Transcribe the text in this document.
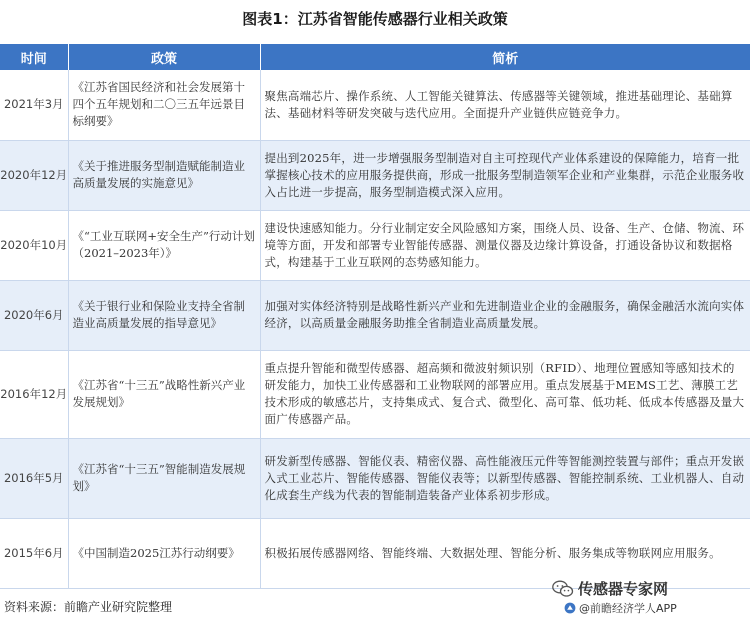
图表1：江苏省智能传感器行业相关政策
时间	政策	简析
2021年3月	《江苏省国民经济和社会发展第十四个五年规划和二〇三五年远景目标纲要》	聚焦高端芯片、操作系统、人工智能关键算法、传感器等关键领域，推进基础理论、基础算法、基础材料等研发突破与迭代应用。全面提升产业链供应链竞争力。
2020年12月	《关于推进服务型制造赋能制造业高质量发展的实施意见》	提出到2025年，进一步增强服务型制造对自主可控现代产业体系建设的保障能力，培育一批掌握核心技术的应用服务提供商，形成一批服务型制造领军企业和产业集群，示范企业服务收入占比进一步提高，服务型制造模式深入应用。
2020年10月	《“工业互联网+安全生产”行动计划（2021–2023年）》	建设快速感知能力。分行业制定安全风险感知方案，围绕人员、设备、生产、仓储、物流、环境等方面，开发和部署专业智能传感器、测量仪器及边缘计算设备，打通设备协议和数据格式，构建基于工业互联网的态势感知能力。
2020年6月	《关于银行业和保险业支持全省制造业高质量发展的指导意见》	加强对实体经济特别是战略性新兴产业和先进制造业企业的金融服务，确保金融活水流向实体经济，以高质量金融服务助推全省制造业高质量发展。
2016年12月	《江苏省“十三五”战略性新兴产业发展规划》	重点提升智能和微型传感器、超高频和微波射频识别（RFID）、地理位置感知等感知技术的研发能力，加快工业传感器和工业物联网的部署应用。重点发展基于MEMS工艺、薄膜工艺技术形成的敏感芯片，支持集成式、复合式、微型化、高可靠、低功耗、低成本传感器及量大面广传感器产品。
2016年5月	《江苏省“十三五”智能制造发展规划》	研发新型传感器、智能仪表、精密仪器、高性能液压元件等智能测控装置与部件；重点开发嵌入式工业芯片、智能传感器、智能仪表等；以新型传感器、智能控制系统、工业机器人、自动化成套生产线为代表的智能制造装备产业体系初步形成。
2015年6月	《中国制造2025江苏行动纲要》	积极拓展传感器网络、智能终端、大数据处理、智能分析、服务集成等物联网应用服务。
资料来源：前瞻产业研究院整理
传感器专家网
@前瞻经济学人APP
